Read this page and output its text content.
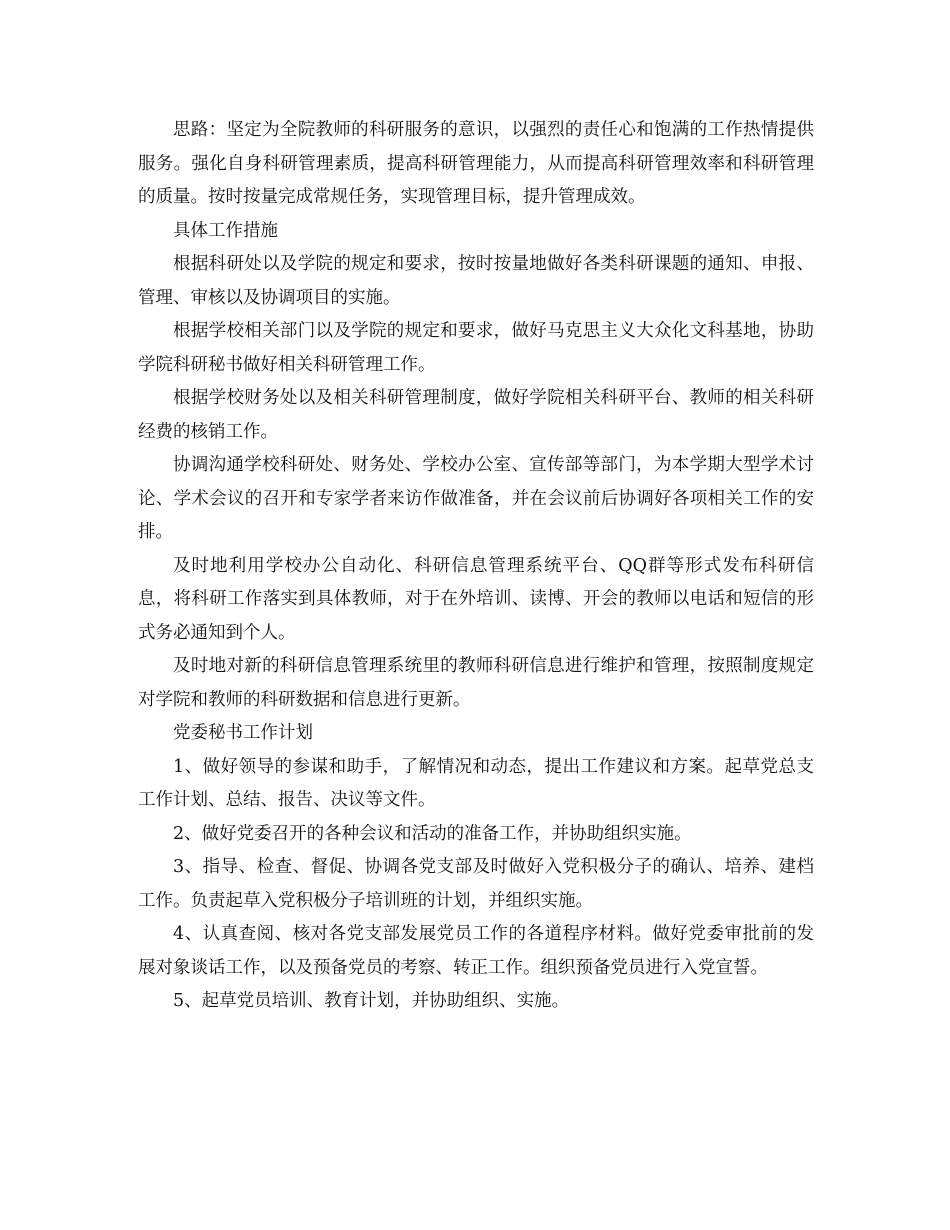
思路：坚定为全院教师的科研服务的意识，以强烈的责任心和饱满的工作热情提供服务。强化自身科研管理素质，提高科研管理能力，从而提高科研管理效率和科研管理的质量。按时按量完成常规任务，实现管理目标，提升管理成效。

具体工作措施

根据科研处以及学院的规定和要求，按时按量地做好各类科研课题的通知、申报、管理、审核以及协调项目的实施。

根据学校相关部门以及学院的规定和要求，做好马克思主义大众化文科基地，协助学院科研秘书做好相关科研管理工作。

根据学校财务处以及相关科研管理制度，做好学院相关科研平台、教师的相关科研经费的核销工作。

协调沟通学校科研处、财务处、学校办公室、宣传部等部门，为本学期大型学术讨论、学术会议的召开和专家学者来访作做准备，并在会议前后协调好各项相关工作的安排。

及时地利用学校办公自动化、科研信息管理系统平台、QQ群等形式发布科研信息，将科研工作落实到具体教师，对于在外培训、读博、开会的教师以电话和短信的形式务必通知到个人。

及时地对新的科研信息管理系统里的教师科研信息进行维护和管理，按照制度规定对学院和教师的科研数据和信息进行更新。

党委秘书工作计划

1、做好领导的参谋和助手，了解情况和动态，提出工作建议和方案。起草党总支工作计划、总结、报告、决议等文件。

2、做好党委召开的各种会议和活动的准备工作，并协助组织实施。

3、指导、检查、督促、协调各党支部及时做好入党积极分子的确认、培养、建档工作。负责起草入党积极分子培训班的计划，并组织实施。

4、认真查阅、核对各党支部发展党员工作的各道程序材料。做好党委审批前的发展对象谈话工作，以及预备党员的考察、转正工作。组织预备党员进行入党宣誓。

5、起草党员培训、教育计划，并协助组织、实施。
